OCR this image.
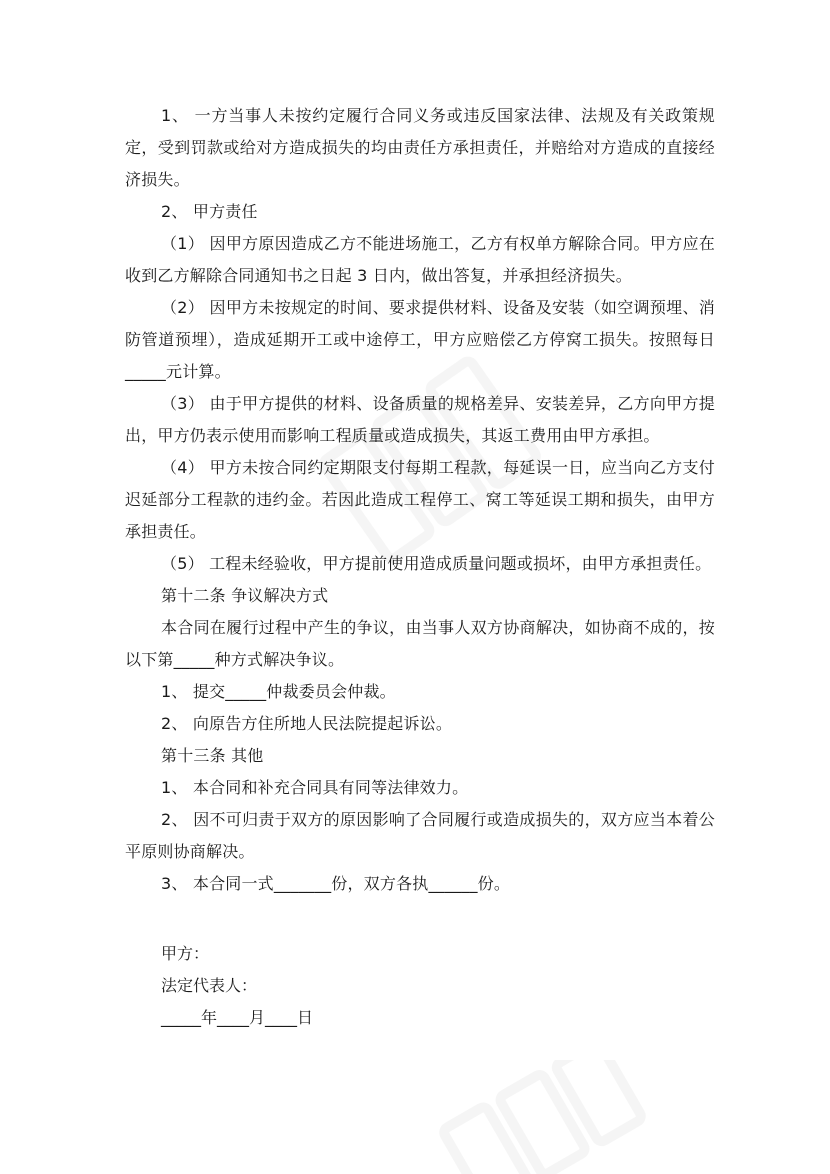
1、 一方当事人未按约定履行合同义务或违反国家法律、法规及有关政策规定，受到罚款或给对方造成损失的均由责任方承担责任，并赔给对方造成的直接经济损失。

2、 甲方责任

（1） 因甲方原因造成乙方不能进场施工，乙方有权单方解除合同。甲方应在收到乙方解除合同通知书之日起 3 日内，做出答复，并承担经济损失。

（2） 因甲方未按规定的时间、要求提供材料、设备及安装（如空调预埋、消防管道预埋），造成延期开工或中途停工，甲方应赔偿乙方停窝工损失。按照每日_____元计算。

（3） 由于甲方提供的材料、设备质量的规格差异、安装差异，乙方向甲方提出，甲方仍表示使用而影响工程质量或造成损失，其返工费用由甲方承担。

（4） 甲方未按合同约定期限支付每期工程款，每延误一日，应当向乙方支付迟延部分工程款的违约金。若因此造成工程停工、窝工等延误工期和损失，由甲方承担责任。

（5） 工程未经验收，甲方提前使用造成质量问题或损坏，由甲方承担责任。

第十二条 争议解决方式

本合同在履行过程中产生的争议，由当事人双方协商解决，如协商不成的，按以下第_____种方式解决争议。

1、 提交_____仲裁委员会仲裁。

2、 向原告方住所地人民法院提起诉讼。

第十三条 其他

1、 本合同和补充合同具有同等法律效力。

2、 因不可归责于双方的原因影响了合同履行或造成损失的，双方应当本着公平原则协商解决。

3、 本合同一式_______份，双方各执______份。

甲方：

法定代表人：

_____年____月____日
